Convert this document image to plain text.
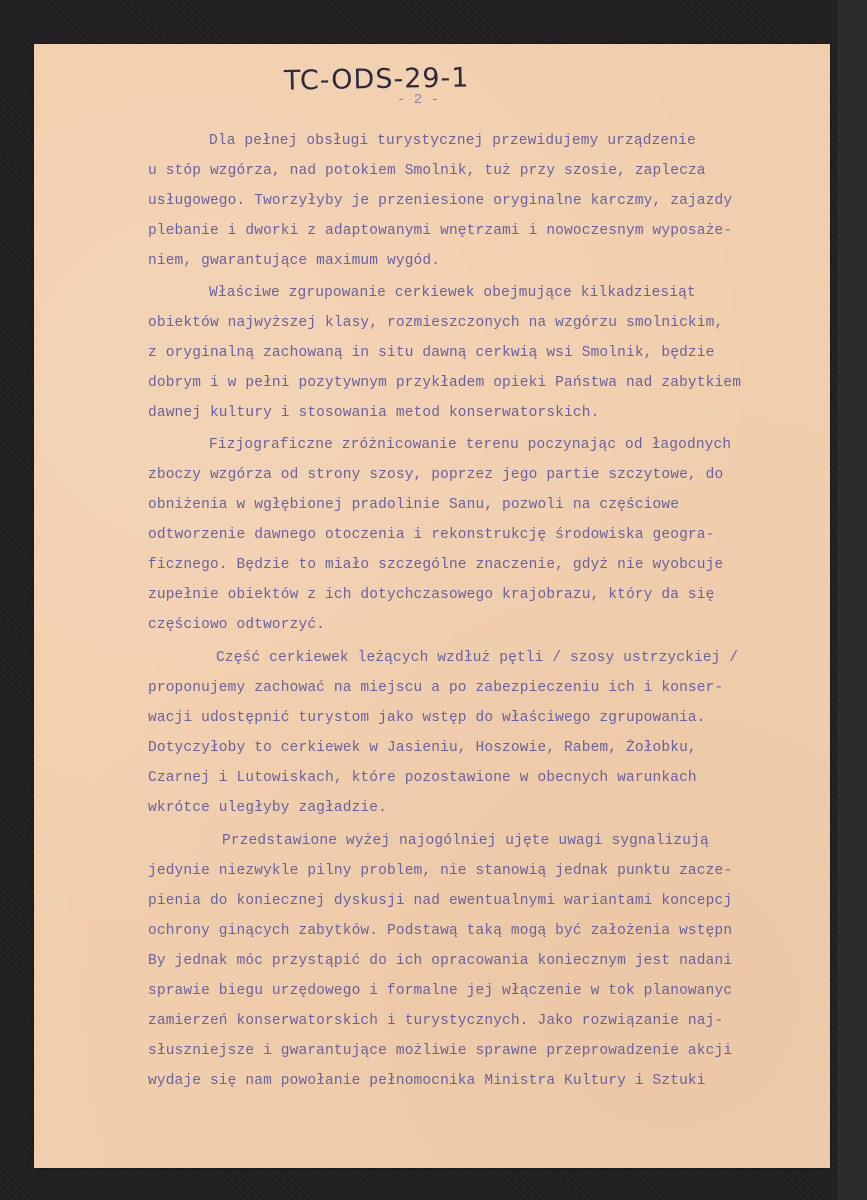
TC-ODS-29-1
- 2 -
Dla pełnej obsługi turystycznej przewidujemy urządzenie
u stóp wzgórza, nad potokiem Smolnik, tuż przy szosie, zaplecza
usługowego. Tworzyłyby je przeniesione oryginalne karczmy, zajazdy
plebanie i dworki z adaptowanymi wnętrzami i nowoczesnym wyposaże-
niem, gwarantujące maximum wygód.
Właściwe zgrupowanie cerkiewek obejmujące kilkadziesiąt
obiektów najwyższej klasy, rozmieszczonych na wzgórzu smolnickim,
z oryginalną zachowaną in situ dawną cerkwią wsi Smolnik, będzie
dobrym i w pełni pozytywnym przykładem opieki Państwa nad zabytkiem
dawnej kultury i stosowania metod konserwatorskich.
Fizjograficzne zróżnicowanie terenu poczynając od łagodnych
zboczy wzgórza od strony szosy, poprzez jego partie szczytowe, do
obniżenia w wgłębionej pradolinie Sanu, pozwoli na częściowe
odtworzenie dawnego otoczenia i rekonstrukcję środowiska geogra-
ficznego. Będzie to miało szczególne znaczenie, gdyż nie wyobcuje
zupełnie obiektów z ich dotychczasowego krajobrazu, który da się
częściowo odtworzyć.
Część cerkiewek leżących wzdłuż pętli / szosy ustrzyckiej /
proponujemy zachować na miejscu a po zabezpieczeniu ich i konser-
wacji udostępnić turystom jako wstęp do właściwego zgrupowania.
Dotyczyłoby to cerkiewek w Jasieniu, Hoszowie, Rabem, Żołobku,
Czarnej i Lutowiskach, które pozostawione w obecnych warunkach
wkrótce uległyby zagładzie.
Przedstawione wyżej najogólniej ujęte uwagi sygnalizują
jedynie niezwykle pilny problem, nie stanowią jednak punktu zacze-
pienia do koniecznej dyskusji nad ewentualnymi wariantami koncepcj
ochrony ginących zabytków. Podstawą taką mogą być założenia wstępn
By jednak móc przystąpić do ich opracowania koniecznym jest nadani
sprawie biegu urzędowego i formalne jej włączenie w tok planowanyc
zamierzeń konserwatorskich i turystycznych. Jako rozwiązanie naj-
słuszniejsze i gwarantujące możliwie sprawne przeprowadzenie akcji
wydaje się nam powołanie pełnomocnika Ministra Kultury i Sztuki
